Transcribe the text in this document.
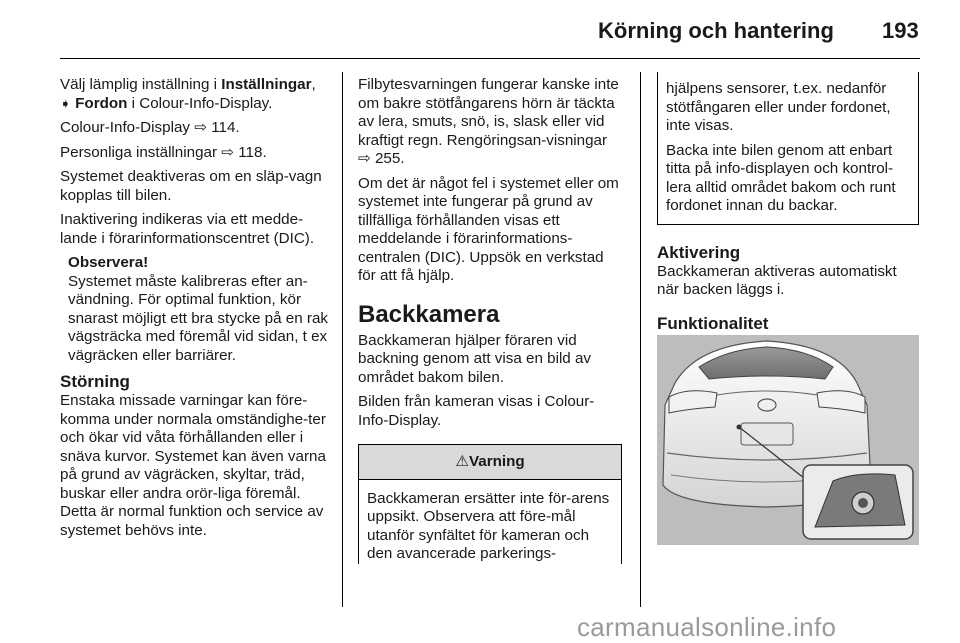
Körning och hantering 193

Välj lämplig inställning i Inställningar,
➧ Fordon i Colour-Info-Display.

Colour-Info-Display ⇨ 114.

Personliga inställningar ⇨ 118.

Systemet deaktiveras om en släp-vagn kopplas till bilen.

Inaktivering indikeras via ett medde-lande i förarinformationscentret (DIC).

Observera!

Systemet måste kalibreras efter an-vändning. För optimal funktion, kör snarast möjligt ett bra stycke på en rak vägsträcka med föremål vid sidan, t ex vägräcken eller barriärer.

Störning

Enstaka missade varningar kan före-komma under normala omständighe-ter och ökar vid våta förhållanden eller i snäva kurvor. Systemet kan även varna på grund av vägräcken, skyltar, träd, buskar eller andra orör-liga föremål. Detta är normal funktion och service av systemet behövs inte.

Filbytesvarningen fungerar kanske inte om bakre stötfångarens hörn är täckta av lera, smuts, snö, is, slask eller vid kraftigt regn. Rengöringsan-visningar ⇨ 255.

Om det är något fel i systemet eller om systemet inte fungerar på grund av tillfälliga förhållanden visas ett meddelande i förarinformations-centralen (DIC). Uppsök en verkstad för att få hjälp.

Backkamera

Backkameran hjälper föraren vid backning genom att visa en bild av området bakom bilen.

Bilden från kameran visas i Colour-Info-Display.

⚠Varning
Backkameran ersätter inte för-arens uppsikt. Observera att före-mål utanför synfältet för kameran och den avancerade parkerings-

hjälpens sensorer, t.ex. nedanför stötfångaren eller under fordonet, inte visas.

Backa inte bilen genom att enbart titta på info-displayen och kontrol-lera alltid området bakom och runt fordonet innan du backar.

Aktivering

Backkameran aktiveras automatiskt när backen läggs i.

Funktionalitet
carmanualsonline.info
